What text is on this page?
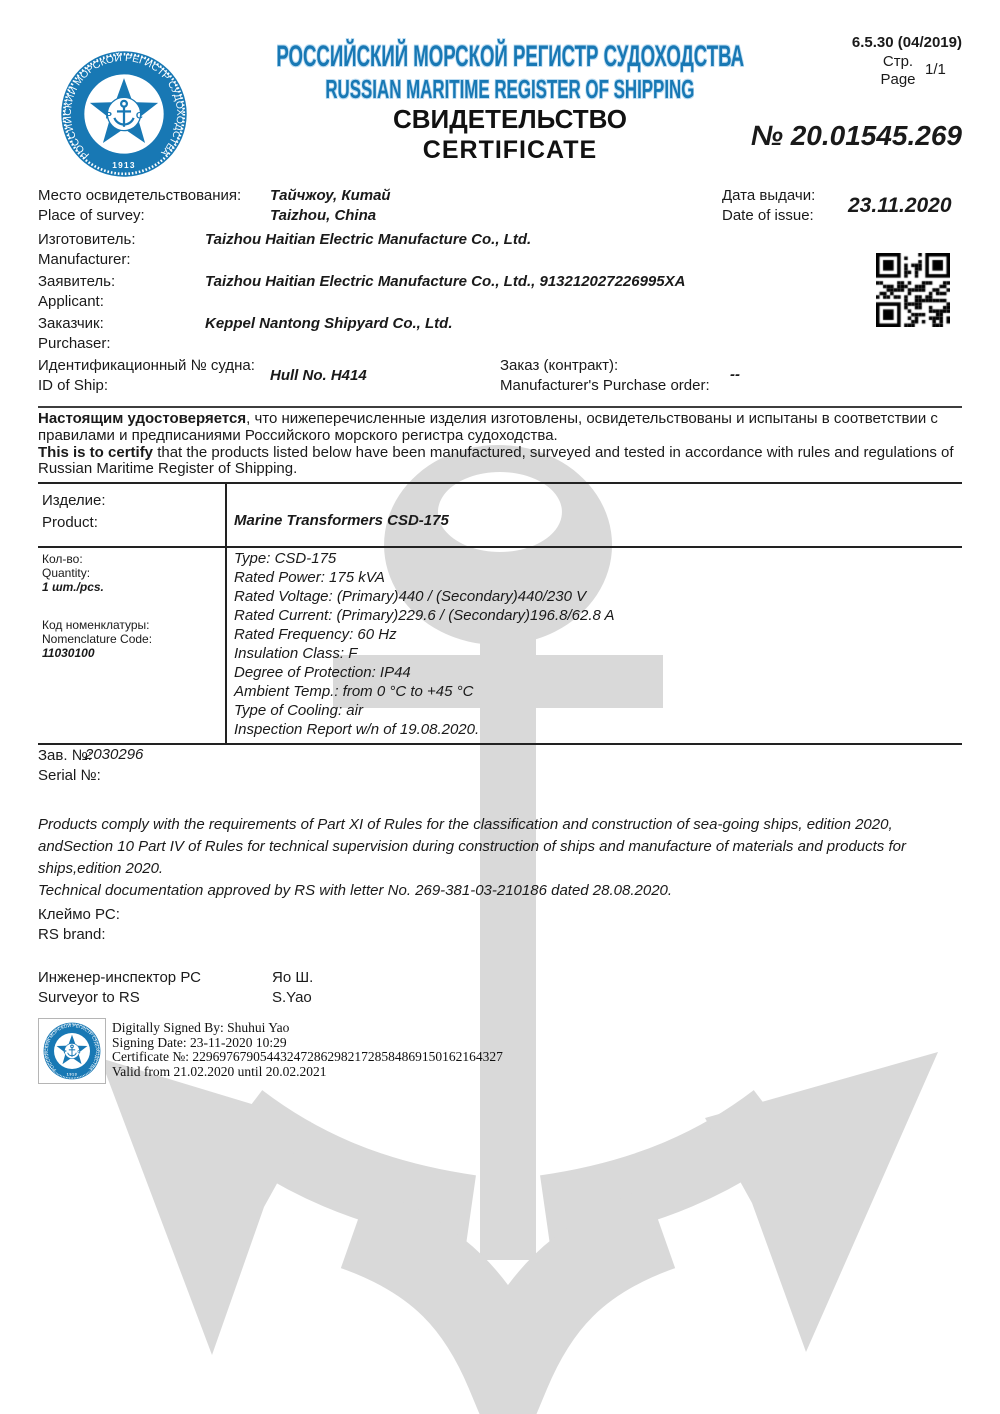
РОССИЙСКИЙ МОРСКОЙ РЕГИСТР СУДОХОДСТВА
Р С
1913
РОССИЙСКИЙ МОРСКОЙ РЕГИСТР СУДОХОДСТВА
RUSSIAN MARITIME REGISTER OF SHIPPING
СВИДЕТЕЛЬСТВО
CERTIFICATE
6.5.30 (04/2019)
Стр.
Page
1/1
№ 20.01545.269
Место освидетельствования:
Place of survey:
Тайчжоу, Китай
Taizhou, China
Дата выдачи:
Date of issue: 23.11.2020
Изготовитель:
Manufacturer:
Taizhou Haitian Electric Manufacture Co., Ltd.
Заявитель:
Applicant:
Taizhou Haitian Electric Manufacture Co., Ltd., 913212027226995XA
Заказчик:
Purchaser:
Keppel Nantong Shipyard Co., Ltd.
Идентификационный № судна:
ID of Ship:
Hull No. H414
Заказ (контракт):
Manufacturer's Purchase order:
--

Настоящим удостоверяется, что нижеперечисленные изделия изготовлены, освидетельствованы и испытаны в соответствии с правилами и предписаниями Российского морского регистра судоходства.

This is to certify that the products listed below have been manufactured, surveyed and tested in accordance with rules and regulations of Russian Maritime Register of Shipping.

Изделие:
Product:	Marine Transformers CSD-175
Кол-во:
Quantity:
1 шт./pcs.
Код номенклатуры:
Nomenclature Code:
11030100
Type: CSD-175
Rated Power: 175 kVA
Rated Voltage: (Primary)440 / (Secondary)440/230 V
Rated Current: (Primary)229.6 / (Secondary)196.8/62.8 A
Rated Frequency: 60 Hz
Insulation Class: F
Degree of Protection: IP44
Ambient Temp.: from 0 °C to +45 °C
Type of Cooling: air
Inspection Report w/n of 19.08.2020.
Зав. №:
Serial №:
2030296

Products comply with the requirements of Part XI of Rules for the classification and construction of sea-going ships, edition 2020, andSection 10 Part IV of Rules for technical supervision during construction of ships and manufacture of materials and products for ships,edition 2020.

Technical documentation approved by RS with letter No. 269-381-03-210186 dated 28.08.2020.

Клеймо РС:
RS brand:
Инженер-инспектор РС
Surveyor to RS
Яо Ш.
S.Yao
Digitally Signed By: Shuhui Yao
Signing Date: 23-11-2020 10:29
Certificate №: 2296976790544324728629821728584869150162164327
Valid from 21.02.2020 until 20.02.2021
